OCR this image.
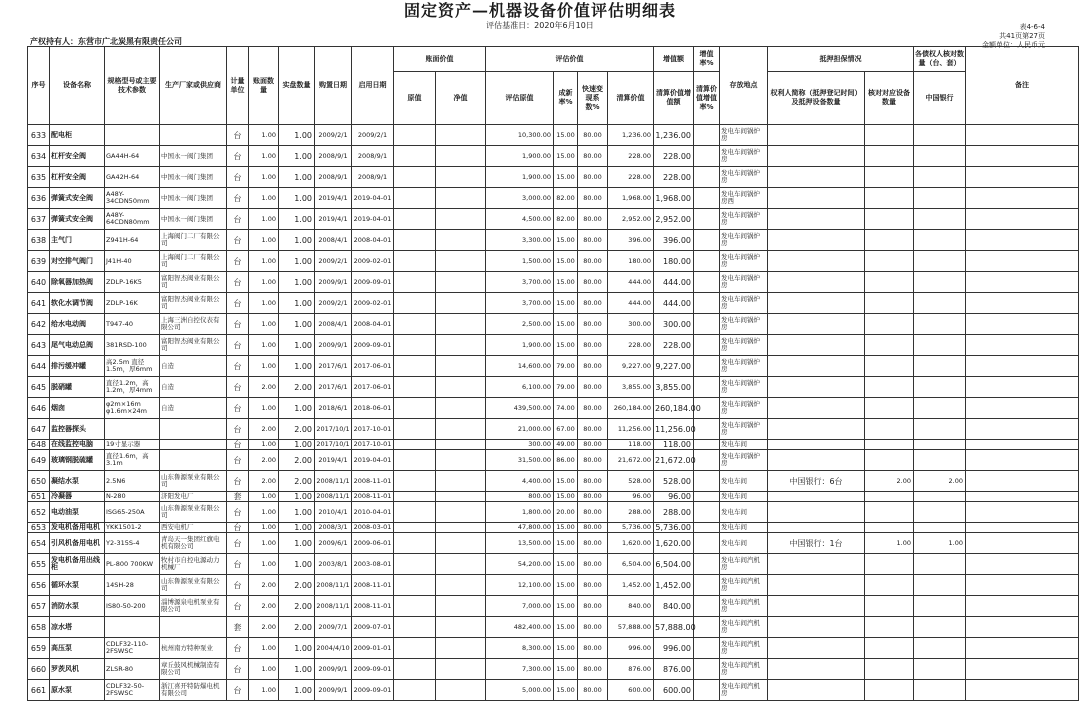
固定资产—机器设备价值评估明细表
评估基准日：2020年6月10日
产权持有人：东营市广北炭黑有限责任公司
表4-6-4
共41页第27页
金额单位：人民币元
序号	设备名称	规格型号或主要技术参数	生产厂家或供应商	计量单位	账面数量	实盘数量	购置日期	启用日期	账面价值		评估价值				增值额	增值率%	存放地点	抵押担保情况		各债权人核对数量（台、套）	备注
									原值	净值	评估原值	成新率%	快速变现系数%	清算价值	清算价值增值额	清算价值增值率%		权利人简称（抵押登记时间）及抵押设备数量	核对对应设备数量	中国银行	
633	配电柜			台	1.00	1.00	2009/2/1	2009/2/1			10,300.00	15.00	80.00	1,236.00	1,236.00		发电车间锅炉房				
634	杠杆安全阀	GA44H-64	中国永一阀门集团	台	1.00	1.00	2008/9/1	2008/9/1			1,900.00	15.00	80.00	228.00	228.00		发电车间锅炉房				
635	杠杆安全阀	GA42H-64	中国永一阀门集团	台	1.00	1.00	2008/9/1	2008/9/1			1,900.00	15.00	80.00	228.00	228.00		发电车间锅炉房				
636	弹簧式安全阀	A48Y-34CDN50mm	中国永一阀门集团	台	1.00	1.00	2019/4/1	2019-04-01			3,000.00	82.00	80.00	1,968.00	1,968.00		发电车间锅炉房西				
637	弹簧式安全阀	A48Y-64CDN80mm	中国永一阀门集团	台	1.00	1.00	2019/4/1	2019-04-01			4,500.00	82.00	80.00	2,952.00	2,952.00		发电车间锅炉房				
638	主气门	Z941H-64	上海阀门二厂有限公司	台	1.00	1.00	2008/4/1	2008-04-01			3,300.00	15.00	80.00	396.00	396.00		发电车间锅炉房				
639	对空排气阀门	J41H-40	上海阀门二厂有限公司	台	1.00	1.00	2009/2/1	2009-02-01			1,500.00	15.00	80.00	180.00	180.00		发电车间锅炉房				
640	除氧器加热阀	ZDLP-16K5	富阳智杰阀业有限公司	台	1.00	1.00	2009/9/1	2009-09-01			3,700.00	15.00	80.00	444.00	444.00		发电车间锅炉房				
641	软化水调节阀	ZDLP-16K	富阳智杰阀业有限公司	台	1.00	1.00	2009/2/1	2009-02-01			3,700.00	15.00	80.00	444.00	444.00		发电车间锅炉房				
642	给水电动阀	T947-40	上海三洲自控仪表有限公司	台	1.00	1.00	2008/4/1	2008-04-01			2,500.00	15.00	80.00	300.00	300.00		发电车间锅炉房				
643	尾气电动总阀	381RSD-100	富阳智杰阀业有限公司	台	1.00	1.00	2009/9/1	2009-09-01			1,900.00	15.00	80.00	228.00	228.00		发电车间锅炉房				
644	排污缓冲罐	高2.5m 直径1.5m，厚6mm	自造	台	1.00	1.00	2017/6/1	2017-06-01			14,600.00	79.00	80.00	9,227.00	9,227.00		发电车间锅炉房				
645	脱硝罐	直径1.2m，高1.2m，厚4mm	自造	台	2.00	2.00	2017/6/1	2017-06-01			6,100.00	79.00	80.00	3,855.00	3,855.00		发电车间锅炉房				
646	烟囱	φ2m×16m φ1.6m×24m	自造	台	1.00	1.00	2018/6/1	2018-06-01			439,500.00	74.00	80.00	260,184.00	260,184.00		发电车间锅炉房				
647	监控器探头			台	2.00	2.00	2017/10/1	2017-10-01			21,000.00	67.00	80.00	11,256.00	11,256.00		发电车间锅炉房				
648	在线监控电脑	19寸显示器		台	1.00	1.00	2017/10/1	2017-10-01			300.00	49.00	80.00	118.00	118.00		发电车间				
649	玻璃钢脱硫罐	直径1.6m，高3.1m		台	2.00	2.00	2019/4/1	2019-04-01			31,500.00	86.00	80.00	21,672.00	21,672.00		发电车间锅炉房				
650	凝结水泵	2.5N6	山东鲁源泵业有限公司	台	2.00	2.00	2008/11/1	2008-11-01			4,400.00	15.00	80.00	528.00	528.00		发电车间	中国银行：6台	2.00	2.00	
651	冷凝器	N-280	济阳发电厂	套	1.00	1.00	2008/11/1	2008-11-01			800.00	15.00	80.00	96.00	96.00		发电车间				
652	电动油泵	ISG65-250A	山东鲁源泵业有限公司	台	1.00	1.00	2010/4/1	2010-04-01			1,800.00	20.00	80.00	288.00	288.00		发电车间				
653	发电机备用电机	YKK1501-2	西安电机厂	台	1.00	1.00	2008/3/1	2008-03-01			47,800.00	15.00	80.00	5,736.00	5,736.00		发电车间				
654	引风机备用电机	Y2-315S-4	青岛天一集团红旗电机有限公司	台	1.00	1.00	2009/6/1	2009-06-01			13,500.00	15.00	80.00	1,620.00	1,620.00		发电车间	中国银行：1台	1.00	1.00	
655	发电机备用出线柜	PL-800 700KW	牧村市自控电源动力机械厂	台	1.00	1.00	2003/8/1	2003-08-01			54,200.00	15.00	80.00	6,504.00	6,504.00		发电车间汽机房				
656	循环水泵	14SH-28	山东鲁源泵业有限公司	台	2.00	2.00	2008/11/1	2008-11-01			12,100.00	15.00	80.00	1,452.00	1,452.00		发电车间汽机房				
657	消防水泵	IS80-50-200	淄博源泉电机泵业有限公司	台	2.00	2.00	2008/11/1	2008-11-01			7,000.00	15.00	80.00	840.00	840.00		发电车间汽机房				
658	凉水塔			套	2.00	2.00	2009/7/1	2009-07-01			482,400.00	15.00	80.00	57,888.00	57,888.00		发电车间汽机房				
659	高压泵	CDLF32-110-2FSWSC	杭州南方特种泵业	台	1.00	1.00	2004/4/10	2009-01-01			8,300.00	15.00	80.00	996.00	996.00		发电车间汽机房				
660	罗茨风机	ZLSR-80	章丘鼓风机械制造有限公司	台	1.00	1.00	2009/9/1	2009-09-01			7,300.00	15.00	80.00	876.00	876.00		发电车间汽机房				
661	原水泵	CDLF32-50-2FSWSC	浙江喜开特防爆电机有限公司	台	1.00	1.00	2009/9/1	2009-09-01			5,000.00	15.00	80.00	600.00	600.00		发电车间汽机房				
